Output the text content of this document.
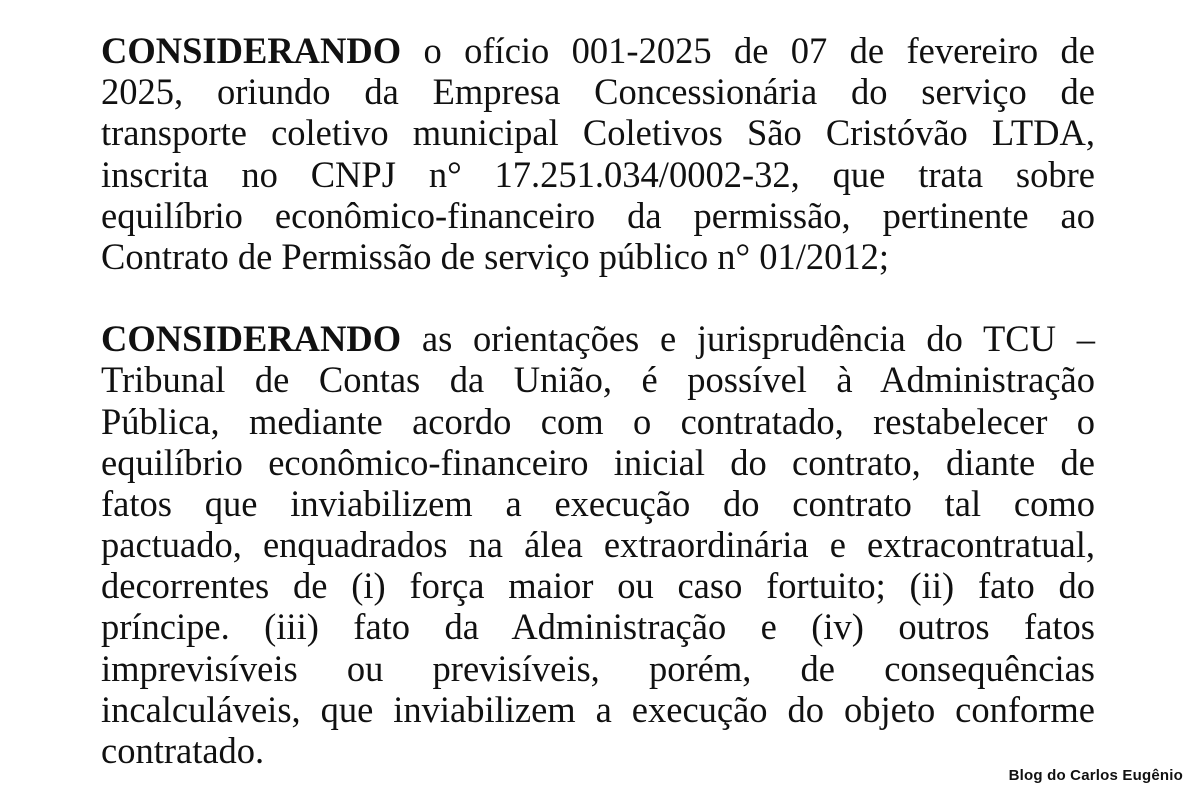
CONSIDERANDO o ofício 001-2025 de 07 de fevereiro de
2025, oriundo da Empresa Concessionária do serviço de
transporte coletivo municipal Coletivos São Cristóvão LTDA,
inscrita no CNPJ n° 17.251.034/0002-32, que trata sobre
equilíbrio econômico-financeiro da permissão, pertinente ao
Contrato de Permissão de serviço público n° 01/2012;
CONSIDERANDO as orientações e jurisprudência do TCU –
Tribunal de Contas da União, é possível à Administração
Pública, mediante acordo com o contratado, restabelecer o
equilíbrio econômico-financeiro inicial do contrato, diante de
fatos que inviabilizem a execução do contrato tal como
pactuado, enquadrados na álea extraordinária e extracontratual,
decorrentes de (i) força maior ou caso fortuito; (ii) fato do
príncipe. (iii) fato da Administração e (iv) outros fatos
imprevisíveis ou previsíveis, porém, de consequências
incalculáveis, que inviabilizem a execução do objeto conforme
contratado.
Blog do Carlos Eugênio
